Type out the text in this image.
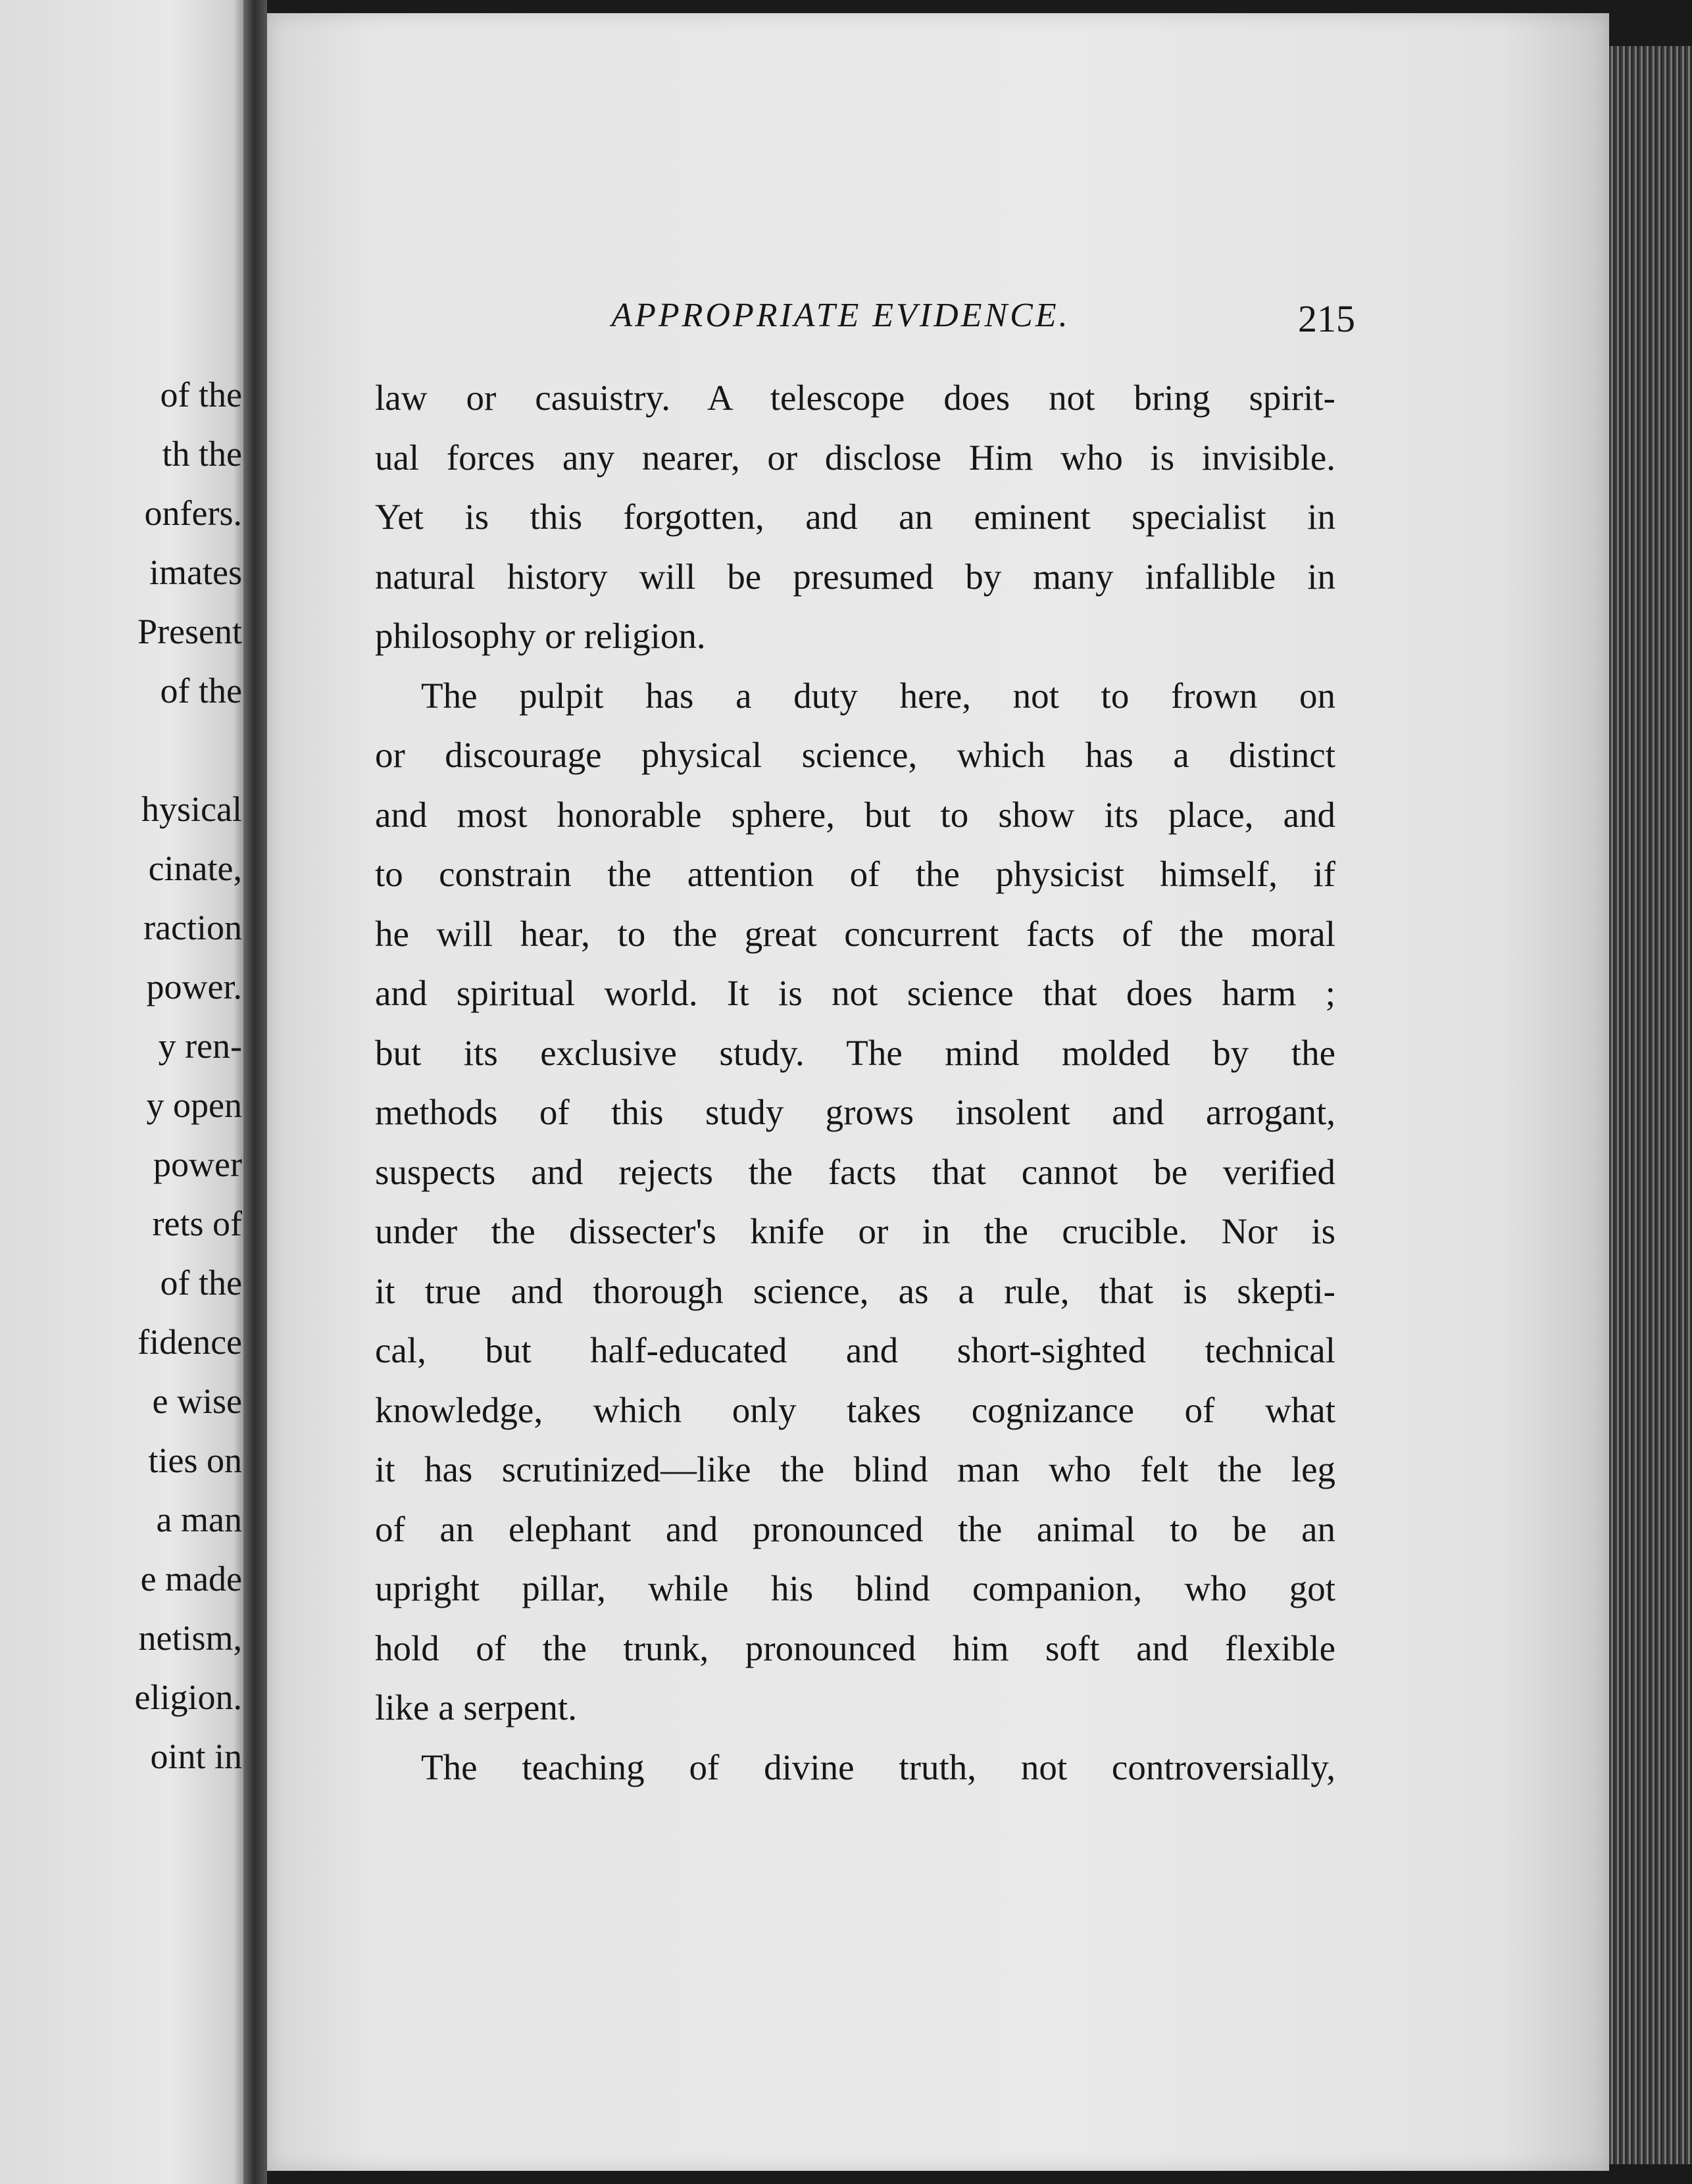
of the
th the
onfers.
imates
Present
of the
hysical
cinate,
raction
power.
y ren-
y open
power
rets of
of the
fidence
e wise
ties on
a man
e made
netism,
eligion.
oint in
APPROPRIATE EVIDENCE.	215
law or casuistry. A telescope does not bring spirit-
ual forces any nearer, or disclose Him who is invisible.
Yet is this forgotten, and an eminent specialist in
natural history will be presumed by many infallible in
philosophy or religion.
The pulpit has a duty here, not to frown on
or discourage physical science, which has a distinct
and most honorable sphere, but to show its place, and
to constrain the attention of the physicist himself, if
he will hear, to the great concurrent facts of the moral
and spiritual world. It is not science that does harm ;
but its exclusive study. The mind molded by the
methods of this study grows insolent and arrogant,
suspects and rejects the facts that cannot be verified
under the dissecter's knife or in the crucible. Nor is
it true and thorough science, as a rule, that is skepti-
cal, but half-educated and short-sighted technical
knowledge, which only takes cognizance of what
it has scrutinized—like the blind man who felt the leg
of an elephant and pronounced the animal to be an
upright pillar, while his blind companion, who got
hold of the trunk, pronounced him soft and flexible
like a serpent.
The teaching of divine truth, not controversially,
